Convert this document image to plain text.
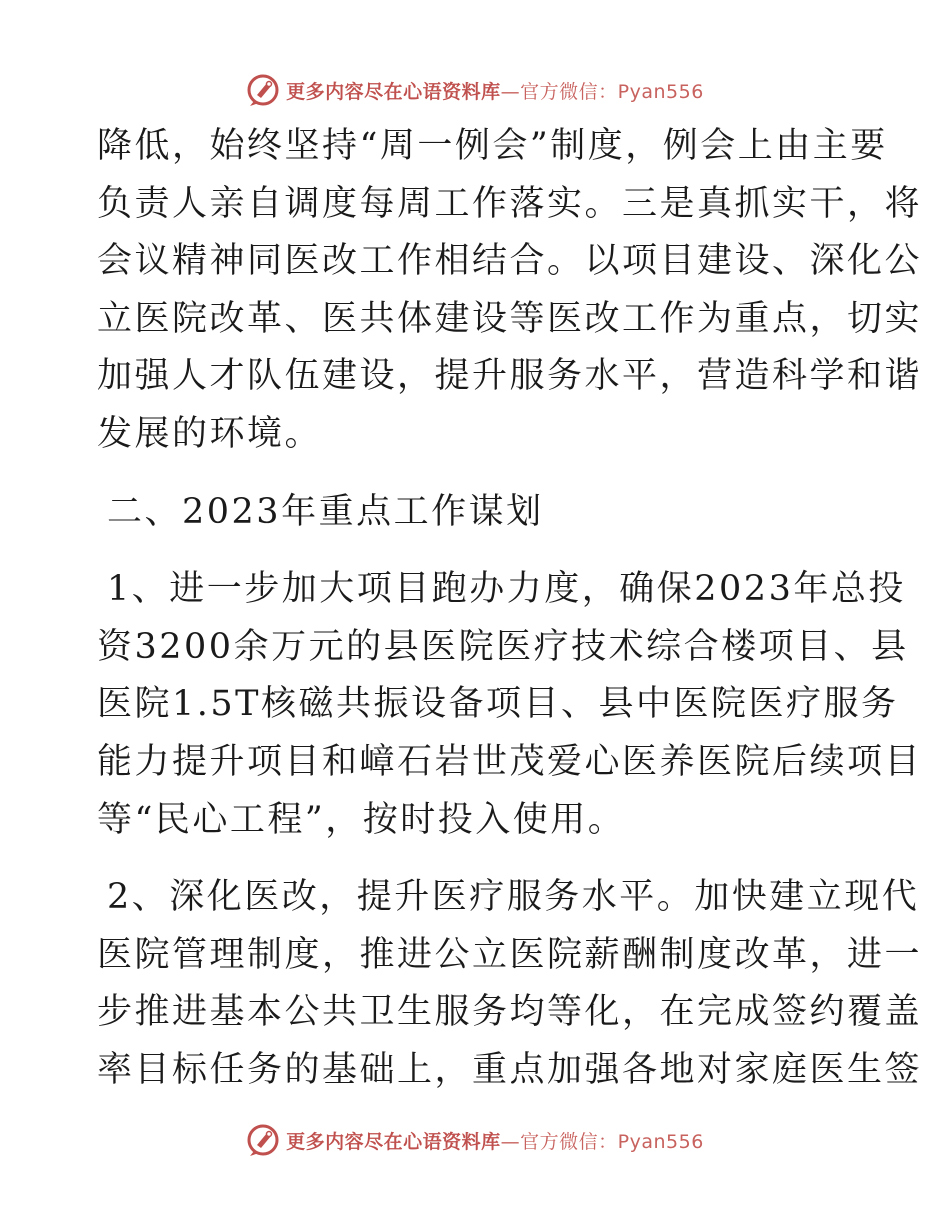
更多内容尽在心语资料库—官方微信：Pyan556
降低，始终坚持“周一例会”制度，例会上由主要
负责人亲自调度每周工作落实。三是真抓实干，将
会议精神同医改工作相结合。以项目建设、深化公
立医院改革、医共体建设等医改工作为重点，切实
加强人才队伍建设，提升服务水平，营造科学和谐
发展的环境。
二、2023年重点工作谋划
1、进一步加大项目跑办力度，确保2023年总投
资3200余万元的县医院医疗技术综合楼项目、县
医院1.5T核磁共振设备项目、县中医院医疗服务
能力提升项目和嶂石岩世茂爱心医养医院后续项目
等“民心工程”，按时投入使用。
2、深化医改，提升医疗服务水平。加快建立现代
医院管理制度，推进公立医院薪酬制度改革，进一
步推进基本公共卫生服务均等化，在完成签约覆盖
率目标任务的基础上，重点加强各地对家庭医生签
更多内容尽在心语资料库—官方微信：Pyan556
